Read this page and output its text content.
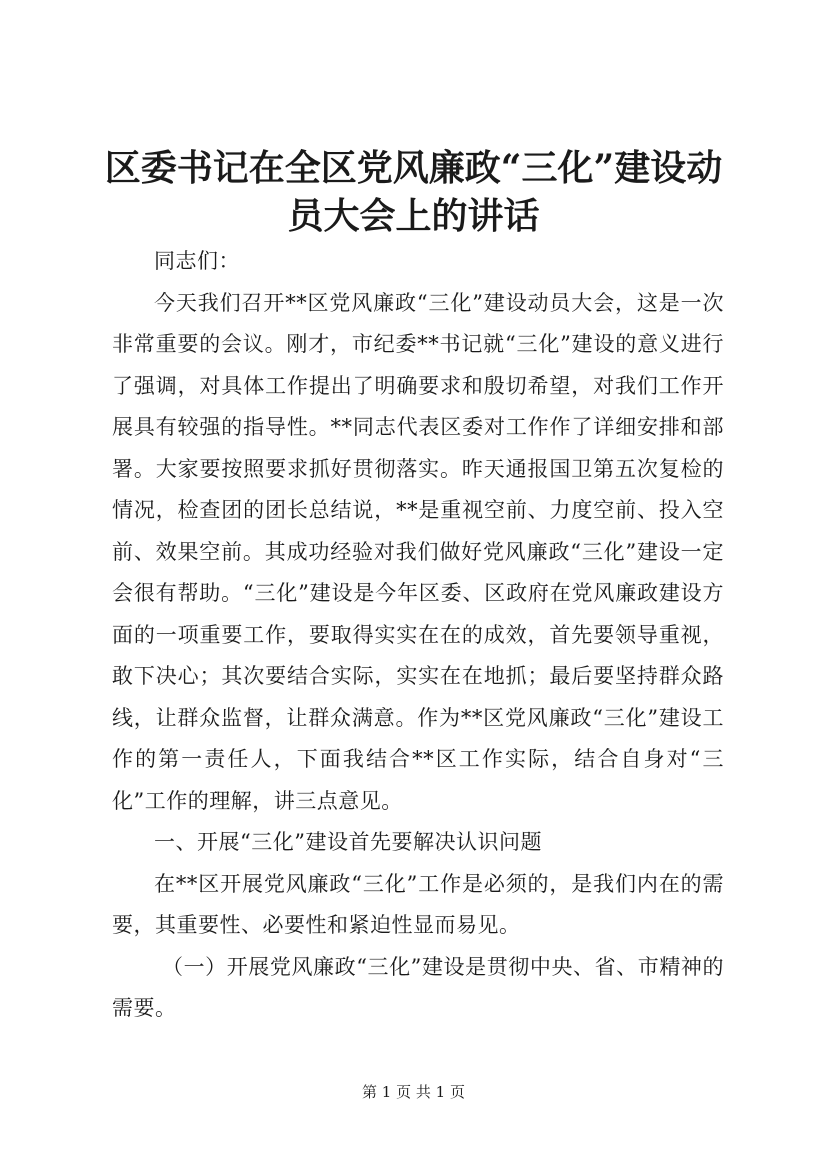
区委书记在全区党风廉政“三化”建设动员大会上的讲话

同志们：

今天我们召开**区党风廉政“三化”建设动员大会，这是一次非常重要的会议。刚才，市纪委**书记就“三化”建设的意义进行了强调，对具体工作提出了明确要求和殷切希望，对我们工作开展具有较强的指导性。**同志代表区委对工作作了详细安排和部署。大家要按照要求抓好贯彻落实。昨天通报国卫第五次复检的情况，检查团的团长总结说，**是重视空前、力度空前、投入空前、效果空前。其成功经验对我们做好党风廉政“三化”建设一定会很有帮助。“三化”建设是今年区委、区政府在党风廉政建设方面的一项重要工作，要取得实实在在的成效，首先要领导重视，敢下决心；其次要结合实际，实实在在地抓；最后要坚持群众路线，让群众监督，让群众满意。作为**区党风廉政“三化”建设工作的第一责任人，下面我结合**区工作实际，结合自身对“三化”工作的理解，讲三点意见。

一、开展“三化”建设首先要解决认识问题

在**区开展党风廉政“三化”工作是必须的，是我们内在的需要，其重要性、必要性和紧迫性显而易见。

（一）开展党风廉政“三化”建设是贯彻中央、省、市精神的需要。

第 1 页 共 1 页
